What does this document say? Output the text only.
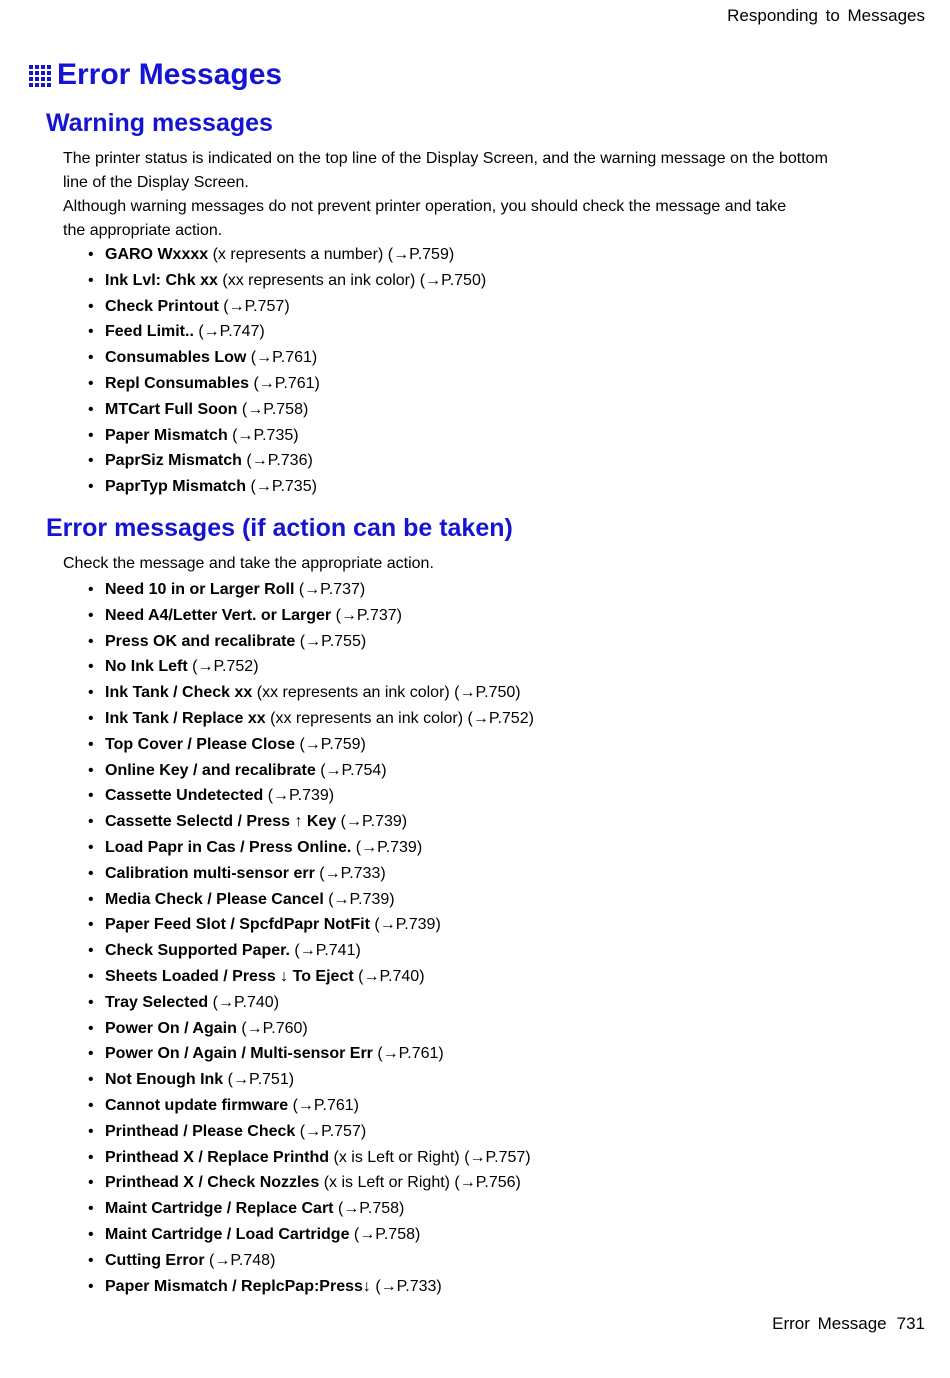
Responding to Messages
Error Messages
Warning messages

The printer status is indicated on the top line of the Display Screen, and the warning message on the bottom
line of the Display Screen.

Although warning messages do not prevent printer operation, you should check the message and take
the appropriate action.

• GARO Wxxxx (x represents a number) (→P.759)
• Ink Lvl: Chk xx (xx represents an ink color) (→P.750)
• Check Printout (→P.757)
• Feed Limit.. (→P.747)
• Consumables Low (→P.761)
• Repl Consumables (→P.761)
• MTCart Full Soon (→P.758)
• Paper Mismatch (→P.735)
• PaprSiz Mismatch (→P.736)
• PaprTyp Mismatch (→P.735)
Error messages (if action can be taken)

Check the message and take the appropriate action.

• Need 10 in or Larger Roll (→P.737)
• Need A4/Letter Vert. or Larger (→P.737)
• Press OK and recalibrate (→P.755)
• No Ink Left (→P.752)
• Ink Tank / Check xx (xx represents an ink color) (→P.750)
• Ink Tank / Replace xx (xx represents an ink color) (→P.752)
• Top Cover / Please Close (→P.759)
• Online Key / and recalibrate (→P.754)
• Cassette Undetected (→P.739)
• Cassette Selectd / Press ↑ Key (→P.739)
• Load Papr in Cas / Press Online. (→P.739)
• Calibration multi-sensor err (→P.733)
• Media Check / Please Cancel (→P.739)
• Paper Feed Slot / SpcfdPapr NotFit (→P.739)
• Check Supported Paper. (→P.741)
• Sheets Loaded / Press ↓ To Eject (→P.740)
• Tray Selected (→P.740)
• Power On / Again (→P.760)
• Power On / Again / Multi-sensor Err (→P.761)
• Not Enough Ink (→P.751)
• Cannot update firmware (→P.761)
• Printhead / Please Check (→P.757)
• Printhead X / Replace Printhd (x is Left or Right) (→P.757)
• Printhead X / Check Nozzles (x is Left or Right) (→P.756)
• Maint Cartridge / Replace Cart (→P.758)
• Maint Cartridge / Load Cartridge (→P.758)
• Cutting Error (→P.748)
• Paper Mismatch / ReplcPap:Press↓ (→P.733)
Error Message 731
